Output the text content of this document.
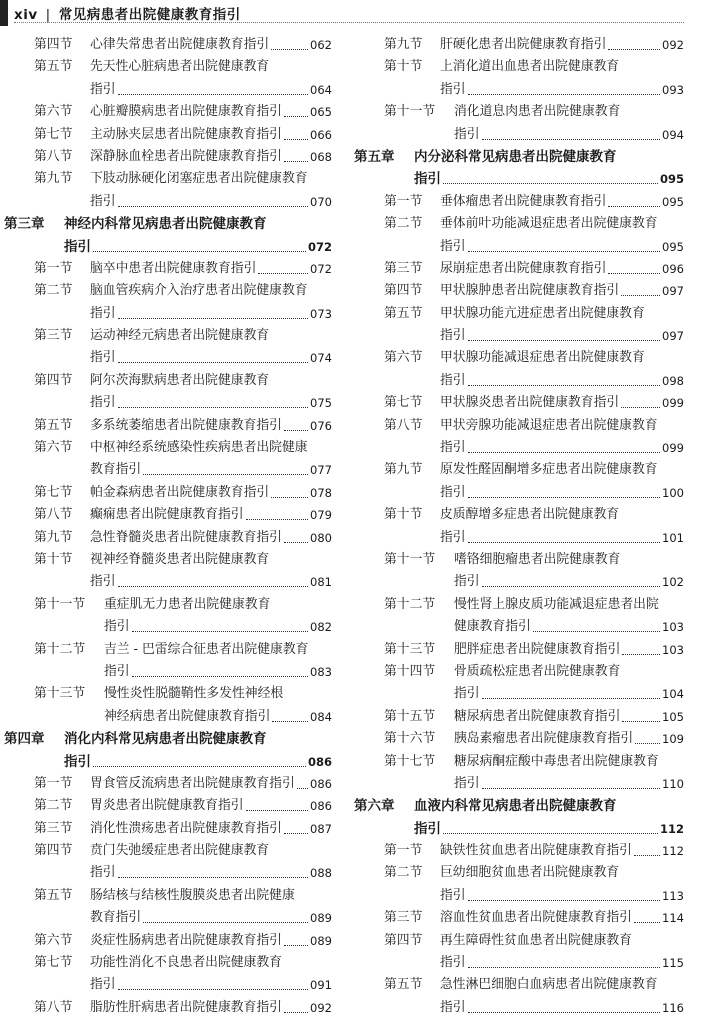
xiv | 常见病患者出院健康教育指引
第四节 心律失常患者出院健康教育指引	062
第五节 先天性心脏病患者出院健康教育
指引	064
第六节 心脏瓣膜病患者出院健康教育指引 065
第七节 主动脉夹层患者出院健康教育指引 066
第八节 深静脉血栓患者出院健康教育指引 068
第九节 下肢动脉硬化闭塞症患者出院健康教育
指引	070
第三章 神经内科常见病患者出院健康教育
指引	072
第一节 脑卒中患者出院健康教育指引	072
第二节 脑血管疾病介入治疗患者出院健康教育
指引	073
第三节 运动神经元病患者出院健康教育
指引	074
第四节 阿尔茨海默病患者出院健康教育
指引	075
第五节 多系统萎缩患者出院健康教育指引 076
第六节 中枢神经系统感染性疾病患者出院健康
教育指引	077
第七节 帕金森病患者出院健康教育指引	078
第八节 癫痫患者出院健康教育指引	079
第九节 急性脊髓炎患者出院健康教育指引 080
第十节 视神经脊髓炎患者出院健康教育
指引	081
第十一节 重症肌无力患者出院健康教育
指引	082
第十二节 吉兰 - 巴雷综合征患者出院健康教育
指引	083
第十三节 慢性炎性脱髓鞘性多发性神经根
神经病患者出院健康教育指引	084
第四章 消化内科常见病患者出院健康教育
指引	086
第一节 胃食管反流病患者出院健康教育指引 086
第二节 胃炎患者出院健康教育指引	086
第三节 消化性溃疡患者出院健康教育指引 087
第四节 贲门失弛缓症患者出院健康教育
指引	088
第五节 肠结核与结核性腹膜炎患者出院健康
教育指引	089
第六节 炎症性肠病患者出院健康教育指引 089
第七节 功能性消化不良患者出院健康教育
指引	091
第八节 脂肪性肝病患者出院健康教育指引 092
第九节 肝硬化患者出院健康教育指引	092
第十节 上消化道出血患者出院健康教育
指引	093
第十一节 消化道息肉患者出院健康教育
指引	094
第五章 内分泌科常见病患者出院健康教育
指引	095
第一节 垂体瘤患者出院健康教育指引	095
第二节 垂体前叶功能减退症患者出院健康教育
指引	095
第三节 尿崩症患者出院健康教育指引	096
第四节 甲状腺肿患者出院健康教育指引	097
第五节 甲状腺功能亢进症患者出院健康教育
指引	097
第六节 甲状腺功能减退症患者出院健康教育
指引	098
第七节 甲状腺炎患者出院健康教育指引	099
第八节 甲状旁腺功能减退症患者出院健康教育
指引	099
第九节 原发性醛固酮增多症患者出院健康教育
指引	100
第十节 皮质醇增多症患者出院健康教育
指引	101
第十一节 嗜铬细胞瘤患者出院健康教育
指引	102
第十二节 慢性肾上腺皮质功能减退症患者出院
健康教育指引	103
第十三节 肥胖症患者出院健康教育指引	103
第十四节 骨质疏松症患者出院健康教育
指引	104
第十五节 糖尿病患者出院健康教育指引	105
第十六节 胰岛素瘤患者出院健康教育指引	109
第十七节 糖尿病酮症酸中毒患者出院健康教育
指引	110
第六章 血液内科常见病患者出院健康教育
指引	112
第一节 缺铁性贫血患者出院健康教育指引	112
第二节 巨幼细胞贫血患者出院健康教育
指引	113
第三节 溶血性贫血患者出院健康教育指引	114
第四节 再生障碍性贫血患者出院健康教育
指引	115
第五节 急性淋巴细胞白血病患者出院健康教育
指引	116
